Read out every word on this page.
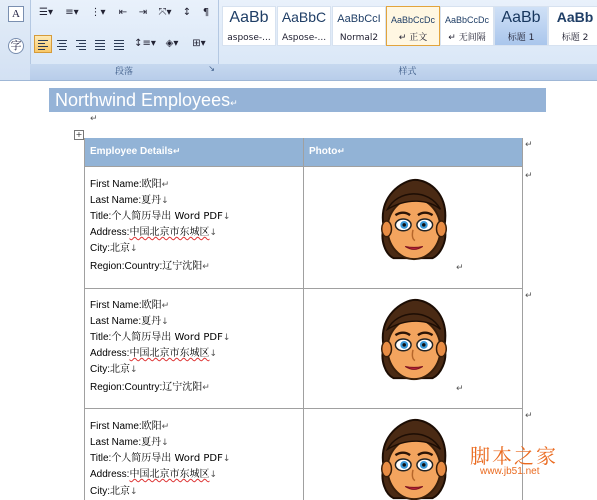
A
字
☰▾	≡▾	⋮▾	⇤	⇥	⤧▾	↕	¶
↕≡▾ ◈▾	⊞▾
段落	↘
AaBb
aspose-...
AaBbC
Aspose-...
AaBbCcI
Normal2
AaBbCcDc
↵ 正文
AaBbCcDc
↵ 无间隔
AaBb
标题 1
AaBb
标题 2
样式
Northwind Employees↵
↵
+
Employee Details↵	Photo↵
First Name:欧阳↵
Last Name:夏丹↓
Title:个人简历导出 Word PDF↓
Address:中国北京市东城区↓
City:北京↓
Region:Country:辽宁沈阳↵	↵
First Name:欧阳↵
Last Name:夏丹↓
Title:个人简历导出 Word PDF↓
Address:中国北京市东城区↓
City:北京↓
Region:Country:辽宁沈阳↵	↵
First Name:欧阳↵
Last Name:夏丹↓
Title:个人简历导出 Word PDF↓
Address:中国北京市东城区↓
City:北京↓
↵
↵
↵
↵
脚本之家
www.jb51.net
